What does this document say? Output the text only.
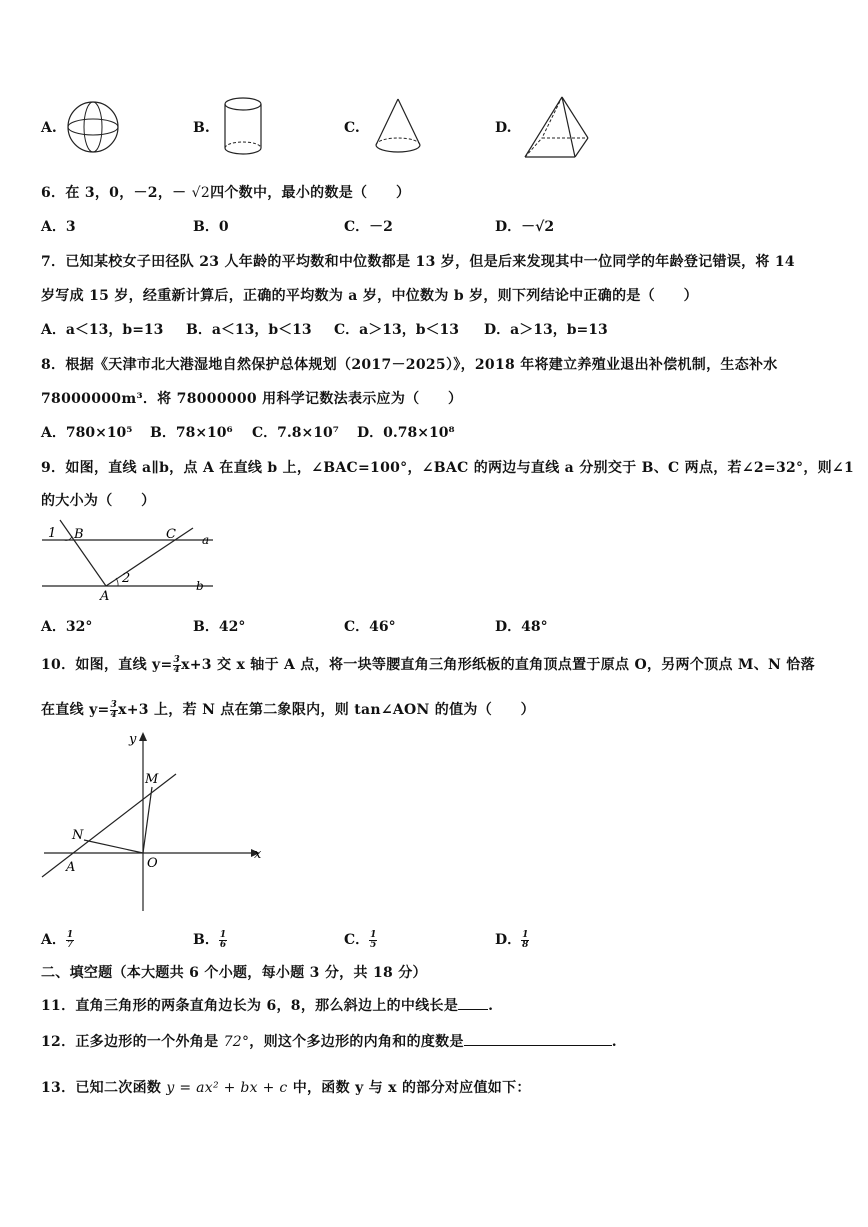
A.	B.	C.	D.
6．在 3，0，－2，－ √2四个数中，最小的数是（　　）
A．3	B．0	C．－2	D．－√2
7．已知某校女子田径队 23 人年龄的平均数和中位数都是 13 岁，但是后来发现其中一位同学的年龄登记错误，将 14
岁写成 15 岁，经重新计算后，正确的平均数为 a 岁，中位数为 b 岁，则下列结论中正确的是（　　）
A．a＜13，b=13 B．a＜13，b＜13 C．a＞13，b＜13 D．a＞13，b=13
8．根据《天津市北大港湿地自然保护总体规划（2017－2025）》，2018 年将建立养殖业退出补偿机制，生态补水
78000000m³．将 78000000 用科学记数法表示应为（　　）
A．780×10⁵ B．78×10⁶ C．7.8×10⁷ D．0.78×10⁸
9．如图，直线 a∥b，点 A 在直线 b 上，∠BAC=100°，∠BAC 的两边与直线 a 分别交于 B、C 两点，若∠2=32°，则∠1
的大小为（　　）
1 B	C a
2
A
b
A．32°	B．42°	C．46°	D．48°
10．如图，直线 $y= \frac{3}{4} x+3$ 交 x 轴于 A 点，将一块等腰直角三角形纸板的直角顶点置于原点 O，另两个顶点 M、N 恰落
在直线 $y= \frac{3}{4} x+3$ 上，若 N 点在第二象限内，则 tan∠AON 的值为（　　）
y
x
M
N
O
A
A． $\frac{1}{7}$	B． $\frac{1}{6}$	C． $\frac{1}{5}$	D． $\frac{1}{8}$
二、填空题（本大题共 6 个小题，每小题 3 分，共 18 分）
11．直角三角形的两条直角边长为 6，8，那么斜边上的中线长是 .
12．正多边形的一个外角是 72°，则这个多边形的内角和的度数是	.
13．已知二次函数 y = ax² + bx + c 中，函数 y 与 x 的部分对应值如下：
